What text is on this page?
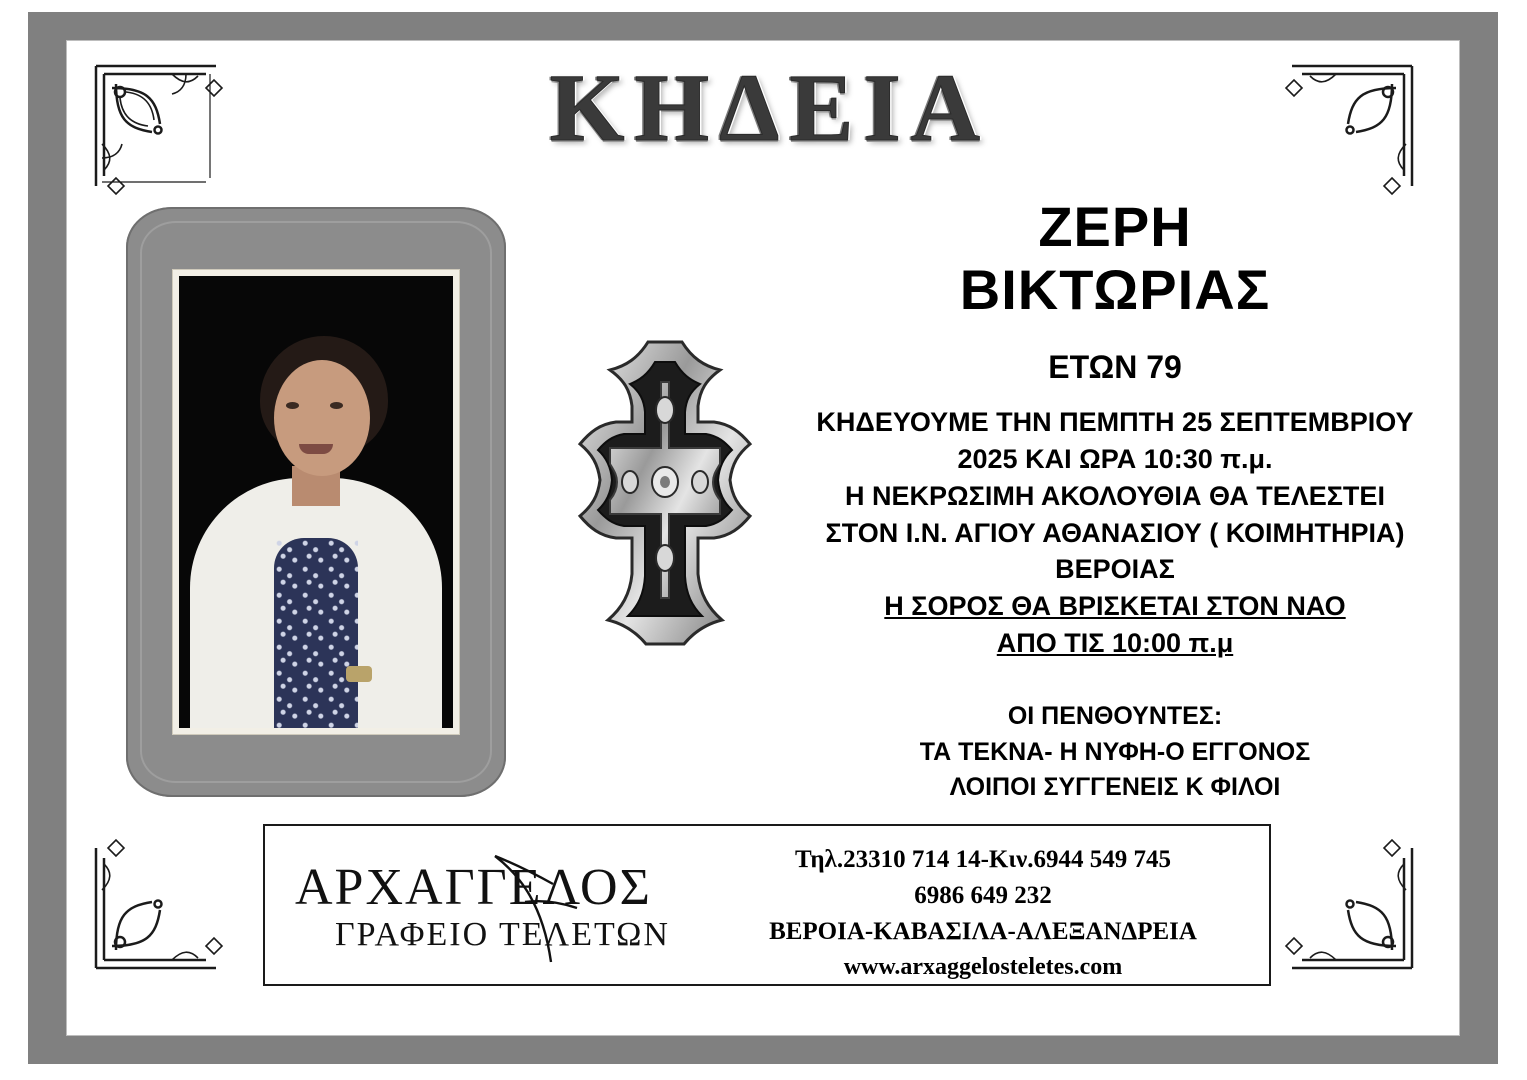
ΚΗΔΕΙΑ
ΖΕΡΗ
ΒΙΚΤΩΡΙΑΣ
ΕΤΩΝ 79
ΚΗΔΕΥΟΥΜΕ ΤΗΝ ΠΕΜΠΤΗ 25 ΣΕΠΤΕΜΒΡΙΟΥ
2025 ΚΑΙ ΩΡΑ 10:30 π.μ.
Η ΝΕΚΡΩΣΙΜΗ ΑΚΟΛΟΥΘΙΑ ΘΑ ΤΕΛΕΣΤΕΙ
ΣΤΟΝ Ι.Ν. ΑΓΙΟΥ ΑΘΑΝΑΣΙΟΥ ( ΚΟΙΜΗΤΗΡΙΑ)
ΒΕΡΟΙΑΣ
Η ΣΟΡΟΣ ΘΑ ΒΡΙΣΚΕΤΑΙ ΣΤΟΝ ΝΑΟ
ΑΠΟ ΤΙΣ 10:00 π.μ
ΟΙ ΠΕΝΘΟΥΝΤΕΣ:
ΤΑ ΤΕΚΝΑ- Η ΝΥΦΗ-Ο ΕΓΓΟΝΟΣ
ΛΟΙΠΟΙ ΣΥΓΓΕΝΕΙΣ Κ ΦΙΛΟΙ
ΑΡΧΑΓΓΕΛΟΣ
ΓΡΑΦΕΙΟ ΤΕΛΕΤΩΝ
Τηλ.23310 714 14-Κιν.6944 549 745
6986 649 232
ΒΕΡΟΙΑ-ΚΑΒΑΣΙΛΑ-ΑΛΕΞΑΝΔΡΕΙΑ
www.arxaggelosteletes.com
